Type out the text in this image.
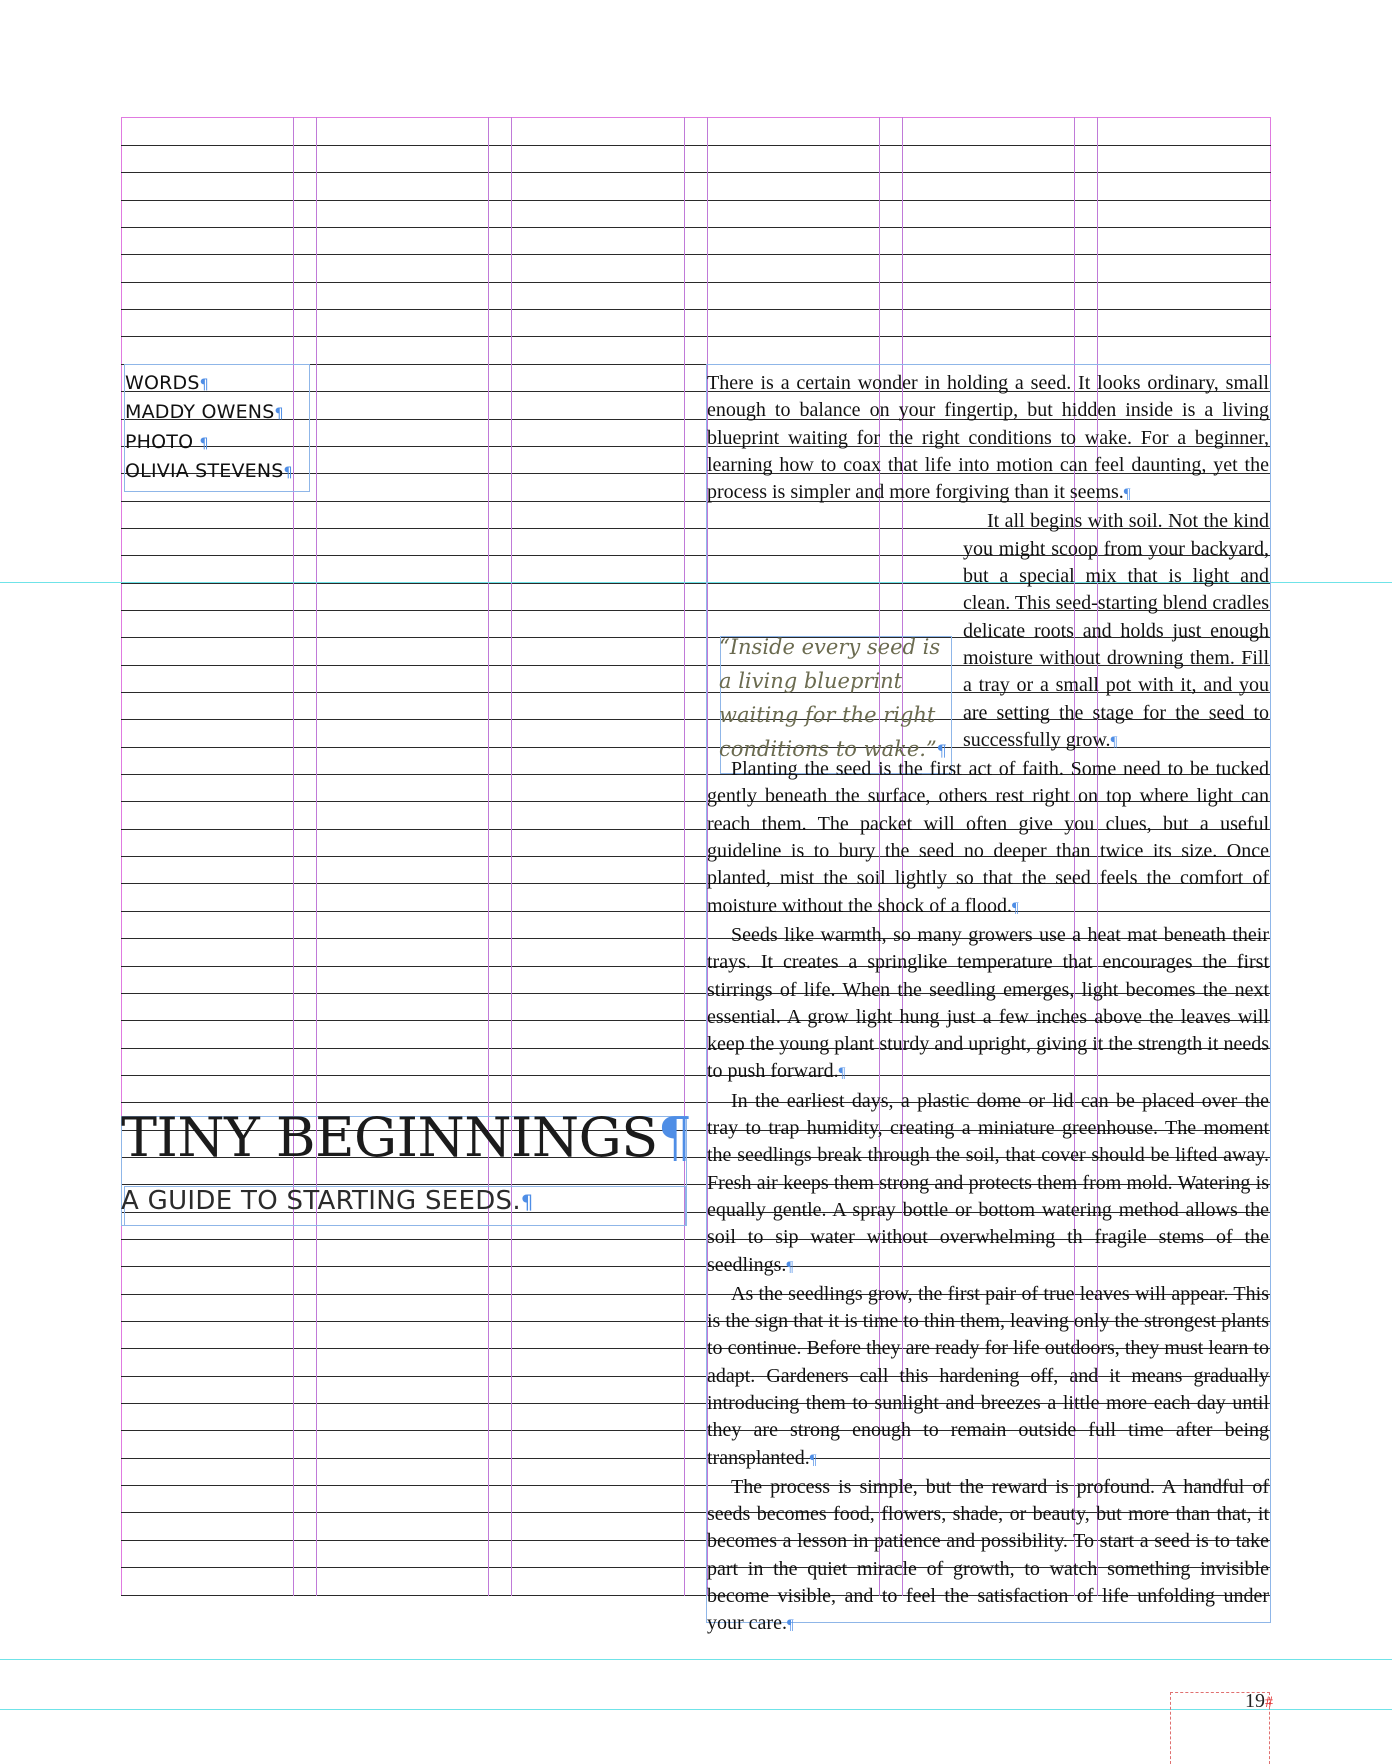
WORDS¶
MADDY OWENS¶
PHOTO ¶
OLIVIA STEVENS¶
TINY BEGINNINGS¶
A GUIDE TO STARTING SEEDS.¶

There is a certain wonder in holding a seed. It looks ordinary, small enough to balance on your fingertip, but hidden inside is a living blueprint waiting for the right conditions to wake. For a beginner, learning how to coax that life into motion can feel daunting, yet the process is simpler and more forgiving than it seems.¶

It all begins with soil. Not the kind you might scoop from your backyard, but a special mix that is light and clean. This seed-starting blend cradles delicate roots and holds just enough moisture without drowning them. Fill a tray or a small pot with it, and you are setting the stage for the seed to successfully grow.¶

Planting the seed is the first act of faith. Some need to be tucked gently beneath the surface, others rest right on top where light can reach them. The packet will often give you clues, but a useful guideline is to bury the seed no deeper than twice its size. Once planted, mist the soil lightly so that the seed feels the comfort of moisture without the shock of a flood.¶

Seeds like warmth, so many growers use a heat mat beneath their trays. It creates a springlike temperature that encourages the first stirrings of life. When the seedling emerges, light becomes the next essential. A grow light hung just a few inches above the leaves will keep the young plant sturdy and upright, giving it the strength it needs to push forward.¶

In the earliest days, a plastic dome or lid can be placed over the tray to trap humidity, creating a miniature greenhouse. The moment the seedlings break through the soil, that cover should be lifted away. Fresh air keeps them strong and protects them from mold. Watering is equally gentle. A spray bottle or bottom watering method allows the soil to sip water without overwhelming th fragile stems of the seedlings.¶

As the seedlings grow, the first pair of true leaves will appear. This is the sign that it is time to thin them, leaving only the strongest plants to continue. Before they are ready for life outdoors, they must learn to adapt. Gardeners call this hardening off, and it means gradually introducing them to sunlight and breezes a little more each day until they are strong enough to remain outside full time after being transplanted.¶

The process is simple, but the reward is profound. A handful of seeds becomes food, flowers, shade, or beauty, but more than that, it becomes a lesson in patience and possibility. To start a seed is to take part in the quiet miracle of growth, to watch something invisible become visible, and to feel the satisfaction of life unfolding under your care.¶

“Inside every seed is a living blueprint waiting for the right conditions to wake.”¶
19#
